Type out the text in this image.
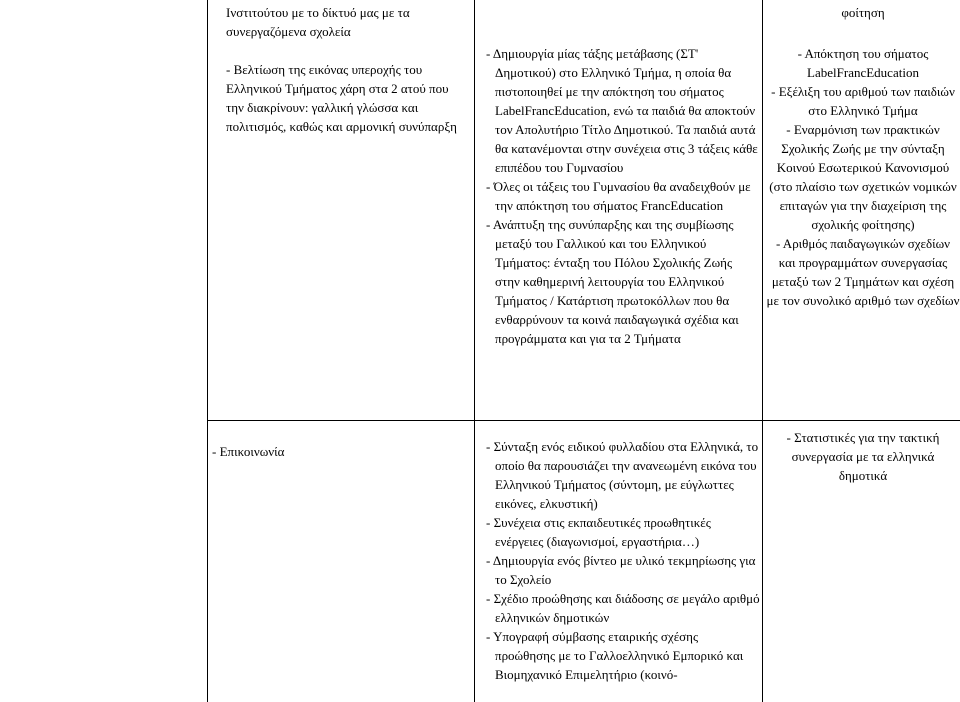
Ινστιτούτου με το δίκτυό μας με τα συνεργαζόμενα σχολεία

- Βελτίωση της εικόνας υπεροχής του Ελληνικού Τμήματος χάρη στα 2 ατού που την διακρίνουν: γαλλική γλώσσα και πολιτισμός, καθώς και αρμονική συνύπαρξη

- Δημιουργία μίας τάξης μετάβασης (ΣΤ' Δημοτικού) στο Ελληνικό Τμήμα, η οποία θα πιστοποιηθεί με την απόκτηση του σήματος LabelFrancEducation, ενώ τα παιδιά θα αποκτούν τον Απολυτήριο Τίτλο Δημοτικού. Τα παιδιά αυτά θα κατανέμονται στην συνέχεια στις 3 τάξεις κάθε επιπέδου του Γυμνασίου

- Όλες οι τάξεις του Γυμνασίου θα αναδειχθούν με την απόκτηση του σήματος FrancEducation

- Ανάπτυξη της συνύπαρξης και της συμβίωσης μεταξύ του Γαλλικού και του Ελληνικού Τμήματος: ένταξη του Πόλου Σχολικής Ζωής στην καθημερινή λειτουργία του Ελληνικού Τμήματος / Κατάρτιση πρωτοκόλλων που θα ενθαρρύνουν τα κοινά παιδαγωγικά σχέδια και προγράμματα και για τα 2 Τμήματα

φοίτηση

- Απόκτηση του σήματος LabelFrancEducation

- Εξέλιξη του αριθμού των παιδιών στο Ελληνικό Τμήμα

- Εναρμόνιση των πρακτικών Σχολικής Ζωής με την σύνταξη Κοινού Εσωτερικού Κανονισμού (στο πλαίσιο των σχετικών νομικών επιταγών για την διαχείριση της σχολικής φοίτησης)

- Αριθμός παιδαγωγικών σχεδίων και προγραμμάτων συνεργασίας μεταξύ των 2 Τμημάτων και σχέση με τον συνολικό αριθμό των σχεδίων

- Επικοινωνία	- Σύνταξη ενός ειδικού φυλλαδίου στα Ελληνικά, το οποίο θα παρουσιάζει την ανανεωμένη εικόνα του Ελληνικού Τμήματος (σύντομη, με εύγλωττες εικόνες, ελκυστική)

- Συνέχεια στις εκπαιδευτικές προωθητικές ενέργειες (διαγωνισμοί, εργαστήρια…)

- Δημιουργία ενός βίντεο με υλικό τεκμηρίωσης για το Σχολείο

- Σχέδιο προώθησης και διάδοσης σε μεγάλο αριθμό ελληνικών δημοτικών

- Υπογραφή σύμβασης εταιρικής σχέσης προώθησης με το Γαλλοελληνικό Εμπορικό και Βιομηχανικό Επιμελητήριο (κοινό-

- Στατιστικές για την τακτική συνεργασία με τα ελληνικά δημοτικά
